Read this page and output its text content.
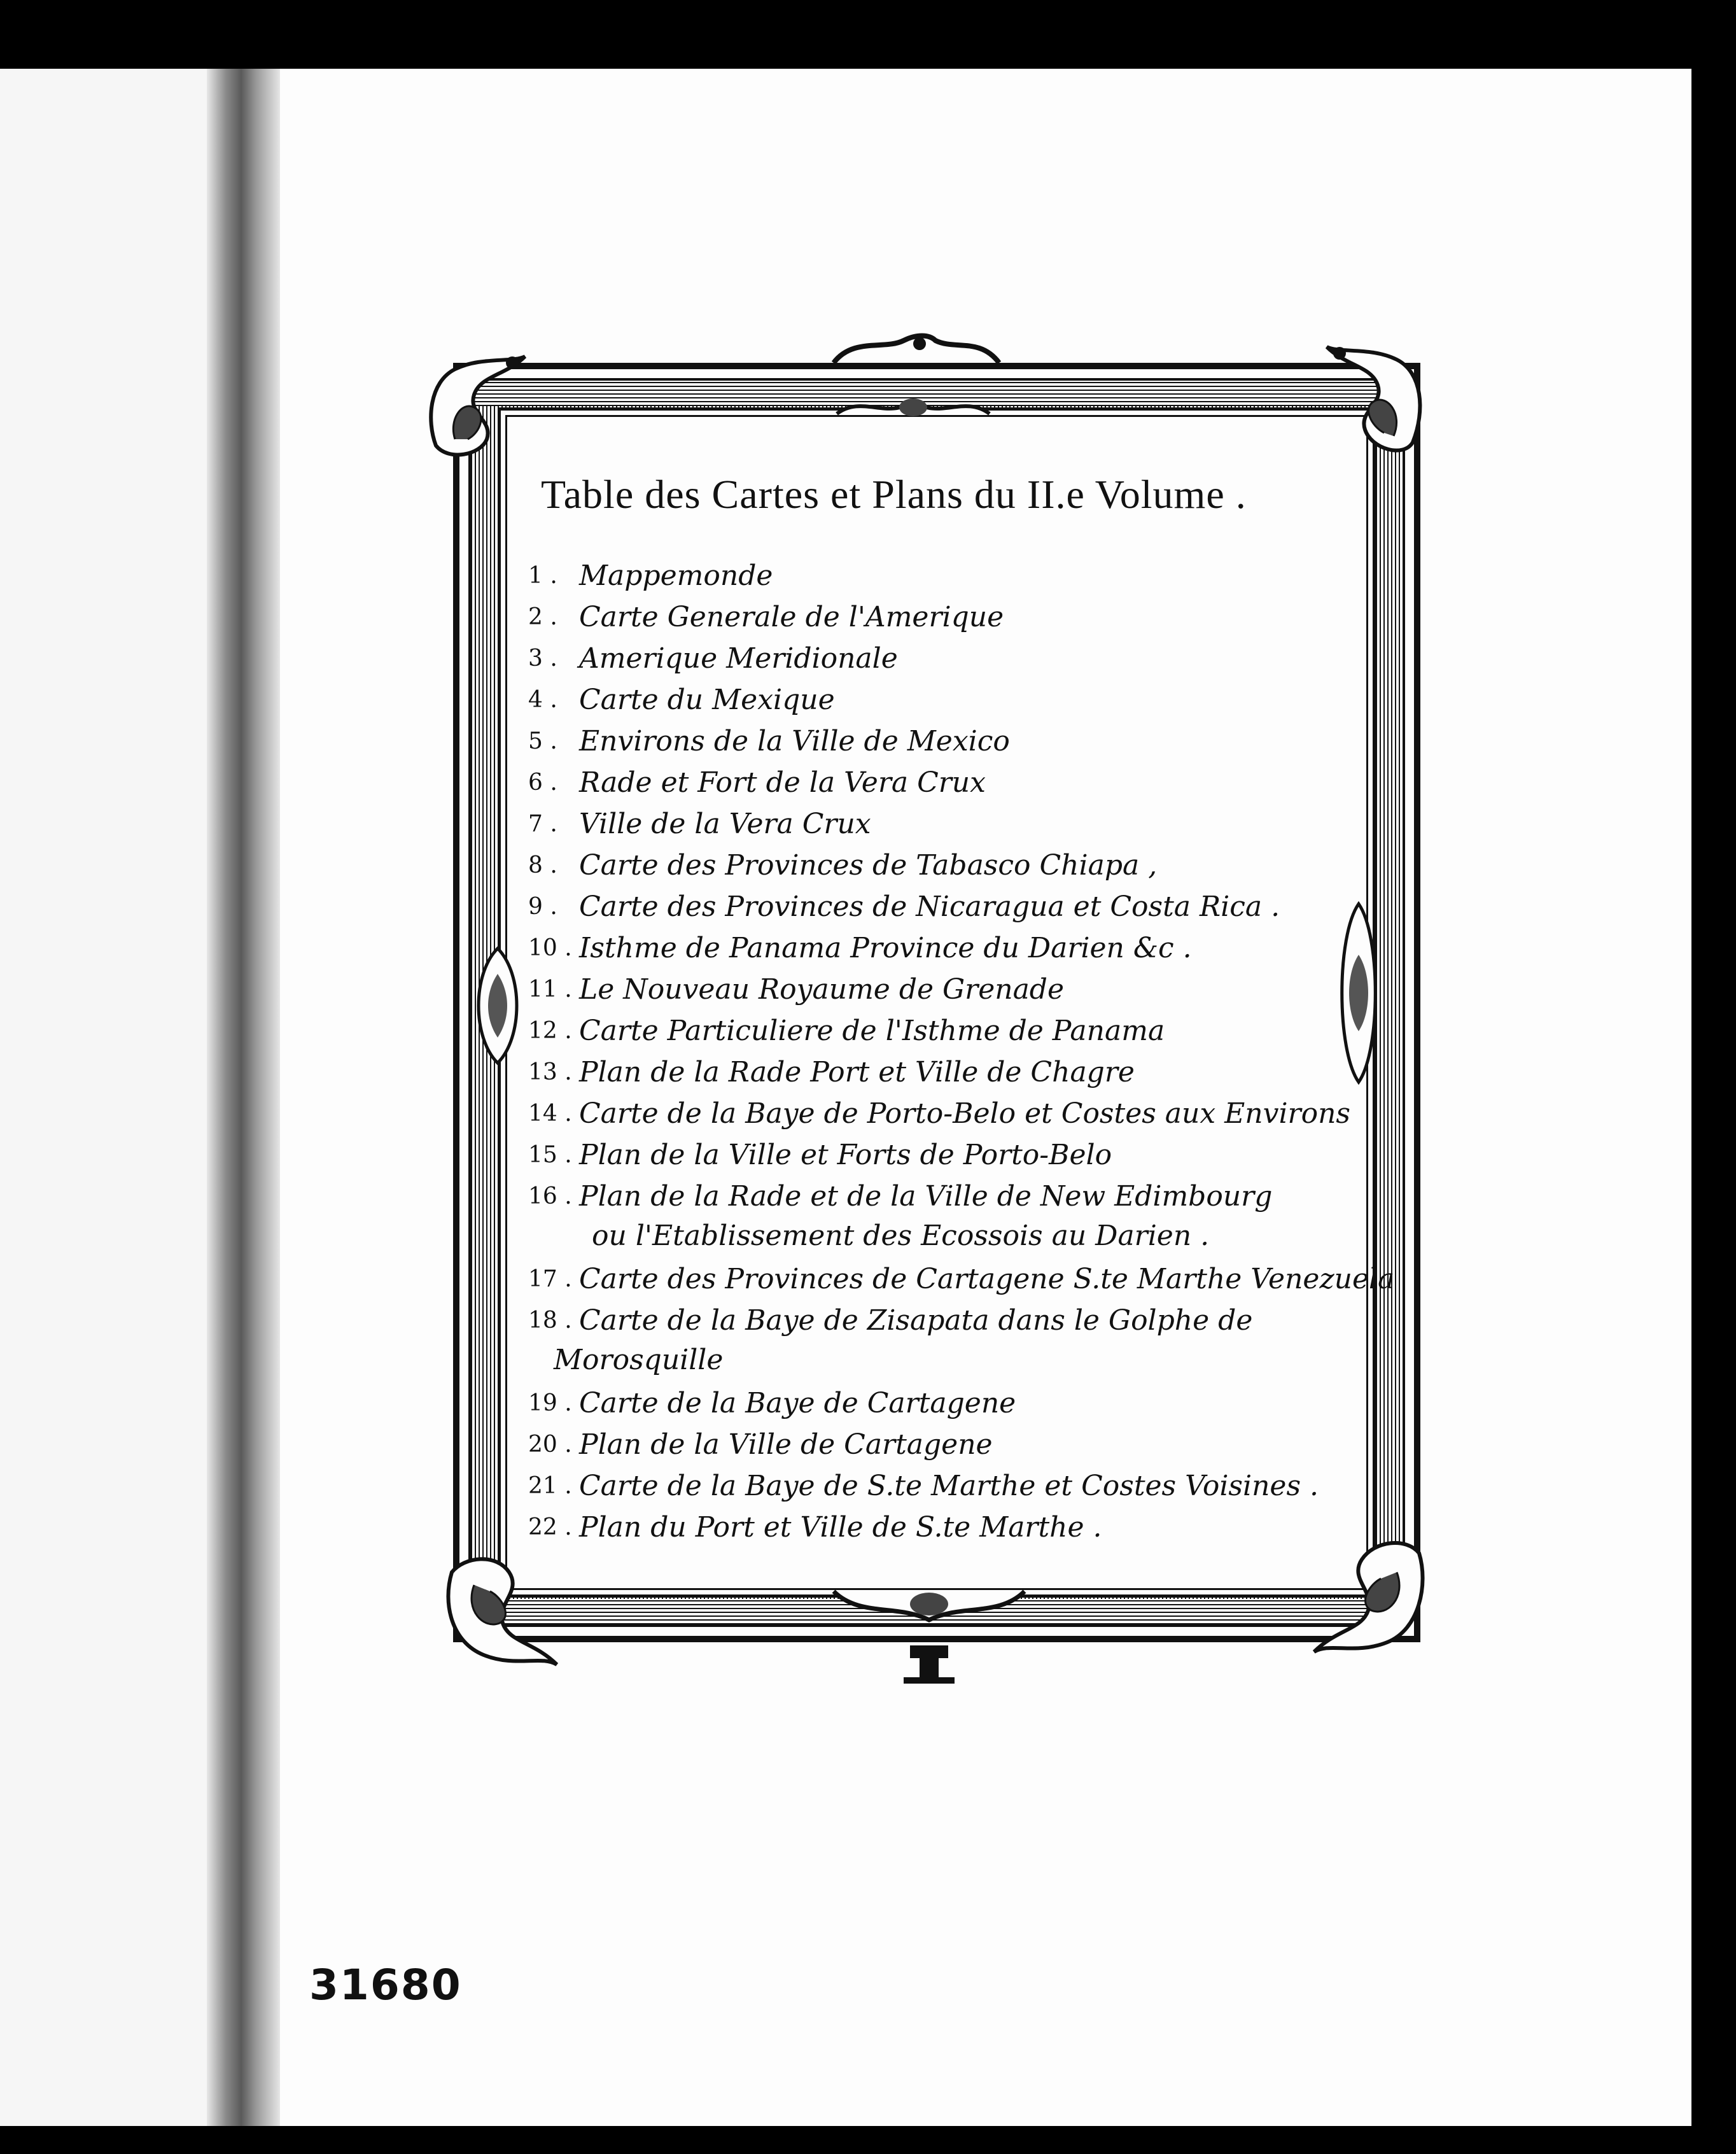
31680
Table des Cartes et Plans du II.e Volume .
1 . Mappemonde
2 . Carte Generale de l'Amerique
3 . Amerique Meridionale
4 . Carte du Mexique
5 . Environs de la Ville de Mexico
6 . Rade et Fort de la Vera Crux
7 . Ville de la Vera Crux
8 . Carte des Provinces de Tabasco Chiapa ,
9 . Carte des Provinces de Nicaragua et Costa Rica .
10 . Isthme de Panama Province du Darien &c .
11 . Le Nouveau Royaume de Grenade
12 . Carte Particuliere de l'Isthme de Panama
13 . Plan de la Rade Port et Ville de Chagre
14 . Carte de la Baye de Porto-Belo et Costes aux Environs
15 . Plan de la Ville et Forts de Porto-Belo
16 . Plan de la Rade et de la Ville de New Edimbourg
ou l'Etablissement des Ecossois au Darien .
17 . Carte des Provinces de Cartagene S.te Marthe Venezuela
18 . Carte de la Baye de Zisapata dans le Golphe de
Morosquille
19 . Carte de la Baye de Cartagene
20 . Plan de la Ville de Cartagene
21 . Carte de la Baye de S.te Marthe et Costes Voisines .
22 . Plan du Port et Ville de S.te Marthe .
